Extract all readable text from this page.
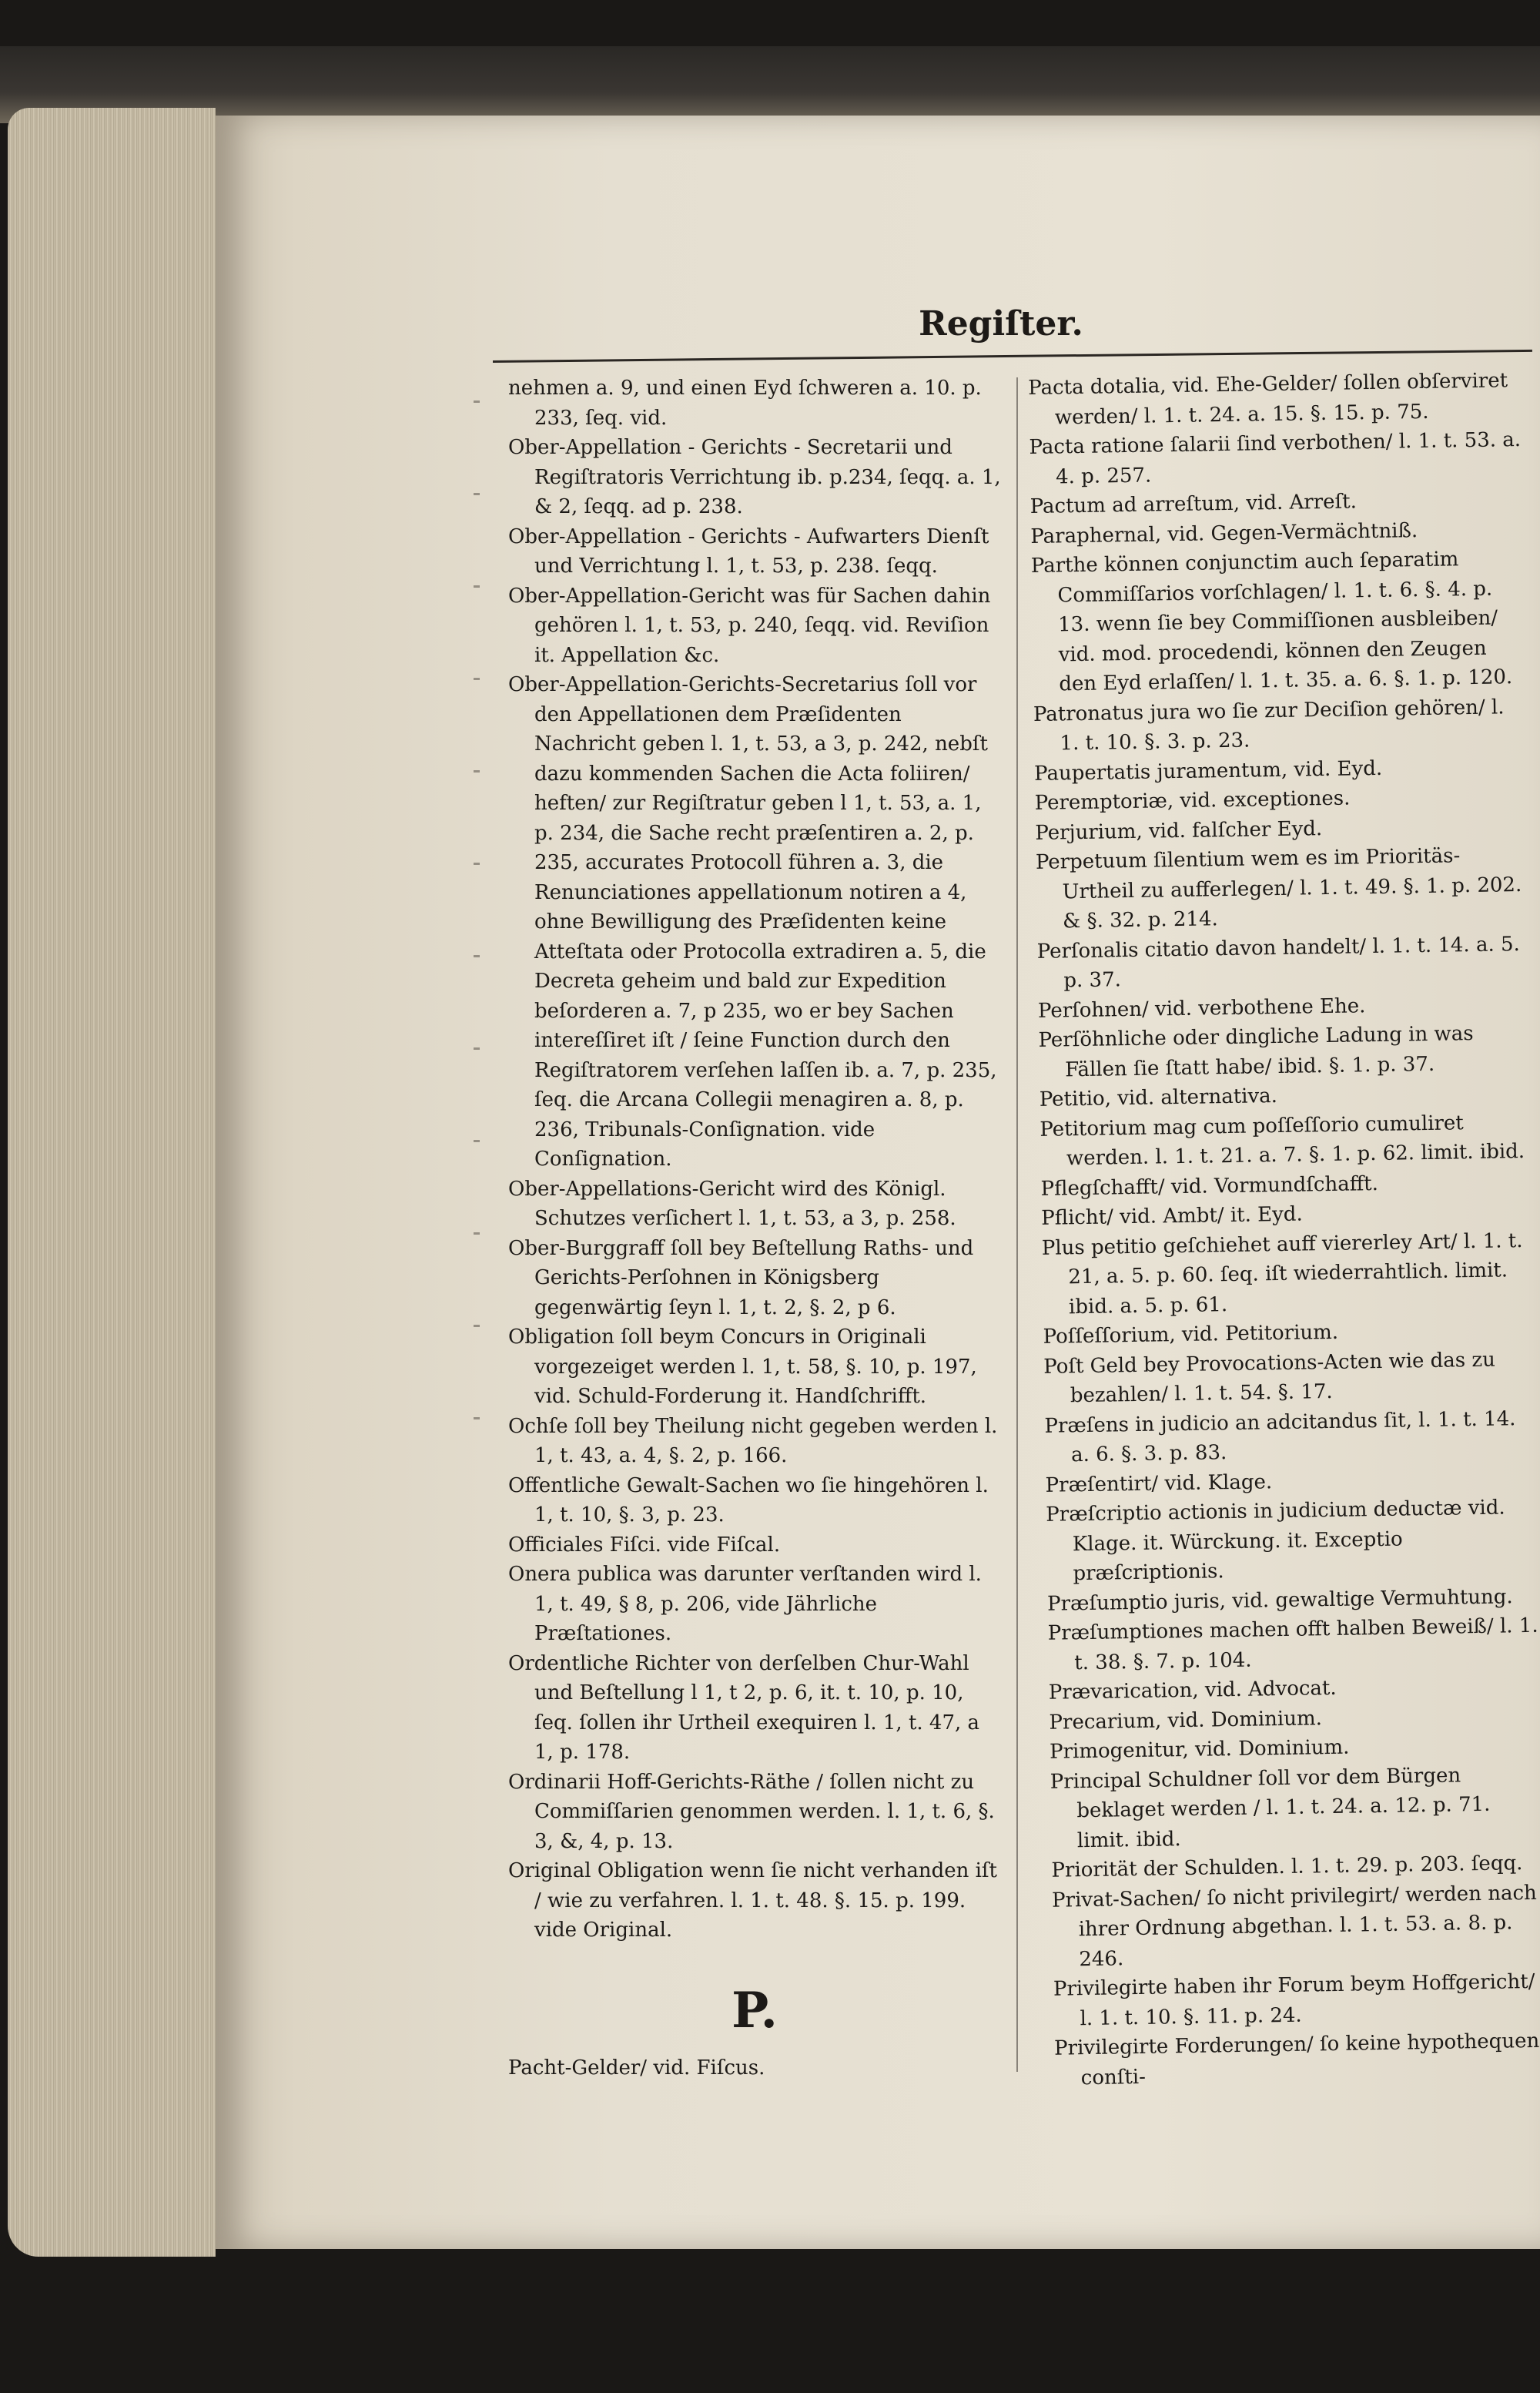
Regiſter.

nehmen a. 9, und einen Eyd ſchweren a. 10. p. 233, ſeq. vid.

Ober-Appellation - Gerichts - Secretarii und Regiſtratoris Verrichtung ib. p.234, ſeqq. a. 1, & 2, ſeqq. ad p. 238.

Ober-Appellation - Gerichts - Aufwarters Dienſt und Verrichtung l. 1, t. 53, p. 238. ſeqq.

Ober-Appellation-Gericht was für Sachen dahin gehören l. 1, t. 53, p. 240, ſeqq. vid. Reviſion it. Appellation &c.

Ober-Appellation-Gerichts-Secretarius ſoll vor den Appellationen dem Præſidenten Nachricht geben l. 1, t. 53, a 3, p. 242, nebſt dazu kommenden Sachen die Acta foliiren/ heften/ zur Regiſtratur geben l 1, t. 53, a. 1, p. 234, die Sache recht præſentiren a. 2, p. 235, accurates Protocoll führen a. 3, die Renunciationes appellationum notiren a 4, ohne Bewilligung des Præſidenten keine Atteſtata oder Protocolla extradiren a. 5, die Decreta geheim und bald zur Expedition beſorderen a. 7, p 235, wo er bey Sachen intereſſiret iſt / ſeine Function durch den Regiſtratorem verſehen laſſen ib. a. 7, p. 235, ſeq. die Arcana Collegii menagiren a. 8, p. 236, Tribunals-Conſignation. vide Conſignation.

Ober-Appellations-Gericht wird des Königl. Schutzes verſichert l. 1, t. 53, a 3, p. 258.

Ober-Burggraff ſoll bey Beſtellung Raths- und Gerichts-Perſohnen in Königsberg gegenwärtig ſeyn l. 1, t. 2, §. 2, p 6.

Obligation ſoll beym Concurs in Originali vorgezeiget werden l. 1, t. 58, §. 10, p. 197, vid. Schuld-Forderung it. Handſchrifft.

Ochſe ſoll bey Theilung nicht gegeben werden l. 1, t. 43, a. 4, §. 2, p. 166.

Offentliche Gewalt-Sachen wo ſie hingehören l. 1, t. 10, §. 3, p. 23.

Officiales Fiſci. vide Fiſcal.

Onera publica was darunter verſtanden wird l. 1, t. 49, § 8, p. 206, vide Jährliche Præſtationes.

Ordentliche Richter von derſelben Chur-Wahl und Beſtellung l 1, t 2, p. 6, it. t. 10, p. 10, ſeq. ſollen ihr Urtheil exequiren l. 1, t. 47, a 1, p. 178.

Ordinarii Hoff-Gerichts-Räthe / ſollen nicht zu Commiſſarien genommen werden. l. 1, t. 6, §. 3, &, 4, p. 13.

Original Obligation wenn ſie nicht verhanden iſt / wie zu verfahren. l. 1. t. 48. §. 15. p. 199. vide Original.

P.

Pacht-Gelder/ vid. Fiſcus.

Pacta dotalia, vid. Ehe-Gelder/ ſollen obſerviret werden/ l. 1. t. 24. a. 15. §. 15. p. 75.

Pacta ratione ſalarii ſind verbothen/ l. 1. t. 53. a. 4. p. 257.

Pactum ad arreſtum, vid. Arreſt.

Paraphernal, vid. Gegen-Vermächtniß.

Parthe können conjunctim auch ſeparatim Commiſſarios vorſchlagen/ l. 1. t. 6. §. 4. p. 13. wenn ſie bey Commiſſionen ausbleiben/ vid. mod. procedendi, können den Zeugen den Eyd erlaſſen/ l. 1. t. 35. a. 6. §. 1. p. 120.

Patronatus jura wo ſie zur Deciſion gehören/ l. 1. t. 10. §. 3. p. 23.

Paupertatis juramentum, vid. Eyd.

Peremptoriæ, vid. exceptiones.

Perjurium, vid. falſcher Eyd.

Perpetuum ſilentium wem es im Prioritäs-Urtheil zu aufferlegen/ l. 1. t. 49. §. 1. p. 202. & §. 32. p. 214.

Perſonalis citatio davon handelt/ l. 1. t. 14. a. 5. p. 37.

Perſohnen/ vid. verbothene Ehe.

Perſöhnliche oder dingliche Ladung in was Fällen ſie ſtatt habe/ ibid. §. 1. p. 37.

Petitio, vid. alternativa.

Petitorium mag cum poſſeſſorio cumuliret werden. l. 1. t. 21. a. 7. §. 1. p. 62. limit. ibid.

Pflegſchafft/ vid. Vormundſchafft.

Pflicht/ vid. Ambt/ it. Eyd.

Plus petitio geſchiehet auff viererley Art/ l. 1. t. 21, a. 5. p. 60. ſeq. iſt wiederrahtlich. limit. ibid. a. 5. p. 61.

Poſſeſſorium, vid. Petitorium.

Poſt Geld bey Provocations-Acten wie das zu bezahlen/ l. 1. t. 54. §. 17.

Præſens in judicio an adcitandus ſit, l. 1. t. 14. a. 6. §. 3. p. 83.

Præſentirt/ vid. Klage.

Præſcriptio actionis in judicium deductæ vid. Klage. it. Würckung. it. Exceptio præſcriptionis.

Præſumptio juris, vid. gewaltige Vermuhtung.

Præſumptiones machen offt halben Beweiß/ l. 1. t. 38. §. 7. p. 104.

Prævarication, vid. Advocat.

Precarium, vid. Dominium.

Primogenitur, vid. Dominium.

Principal Schuldner ſoll vor dem Bürgen beklaget werden / l. 1. t. 24. a. 12. p. 71. limit. ibid.

Priorität der Schulden. l. 1. t. 29. p. 203. ſeqq.

Privat-Sachen/ ſo nicht privilegirt/ werden nach ihrer Ordnung abgethan. l. 1. t. 53. a. 8. p. 246.

Privilegirte haben ihr Forum beym Hoffgericht/ l. 1. t. 10. §. 11. p. 24.

Privilegirte Forderungen/ ſo keine hypothequen conſti-
